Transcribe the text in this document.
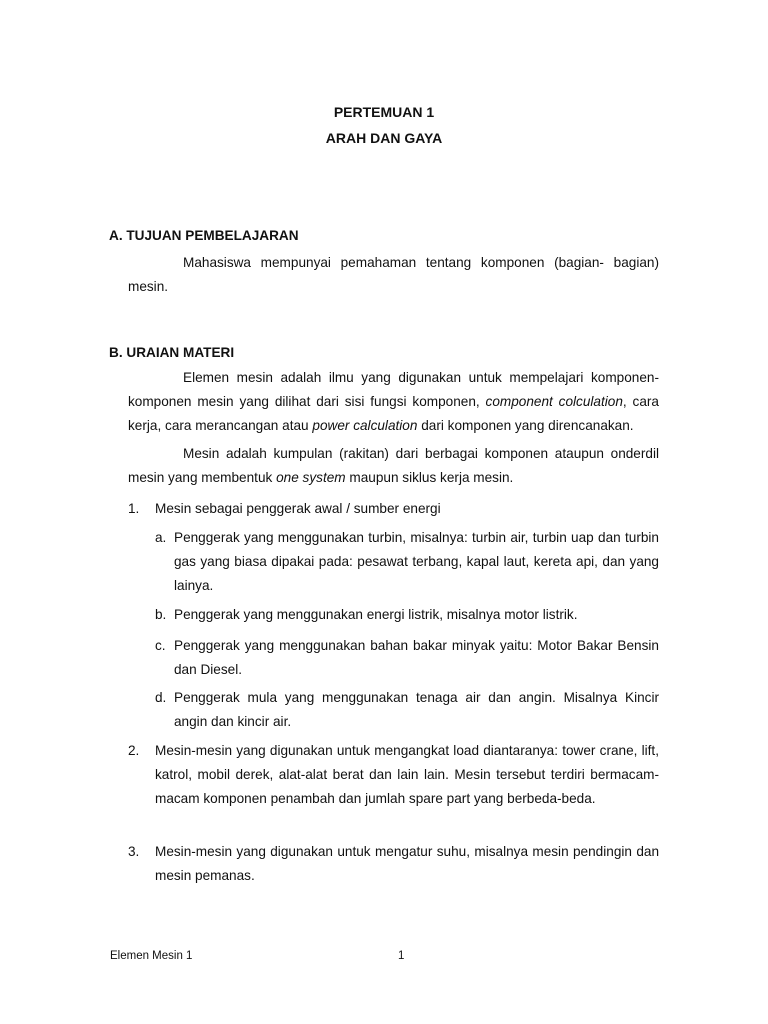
PERTEMUAN 1
ARAH DAN GAYA
A. TUJUAN PEMBELAJARAN
Mahasiswa mempunyai pemahaman tentang komponen (bagian- bagian) mesin.
B. URAIAN MATERI
Elemen mesin adalah ilmu yang digunakan untuk mempelajari komponen-komponen mesin yang dilihat dari sisi fungsi komponen, component colculation, cara kerja, cara merancangan atau power calculation dari komponen yang direncanakan.
Mesin adalah kumpulan (rakitan) dari berbagai komponen ataupun onderdil mesin yang membentuk one system maupun siklus kerja mesin.
1. Mesin sebagai penggerak awal / sumber energi
a. Penggerak yang menggunakan turbin, misalnya: turbin air, turbin uap dan turbin gas yang biasa dipakai pada: pesawat terbang, kapal laut, kereta api, dan yang lainya.
b. Penggerak yang menggunakan energi listrik, misalnya motor listrik.
c. Penggerak yang menggunakan bahan bakar minyak yaitu: Motor Bakar Bensin dan Diesel.
d. Penggerak mula yang menggunakan tenaga air dan angin. Misalnya Kincir angin dan kincir air.
2. Mesin-mesin yang digunakan untuk mengangkat load diantaranya: tower crane, lift, katrol, mobil derek, alat-alat berat dan lain lain. Mesin tersebut terdiri bermacam-macam komponen penambah dan jumlah spare part yang berbeda-beda.
3. Mesin-mesin yang digunakan untuk mengatur suhu, misalnya mesin pendingin dan mesin pemanas.
Elemen Mesin 1	1
